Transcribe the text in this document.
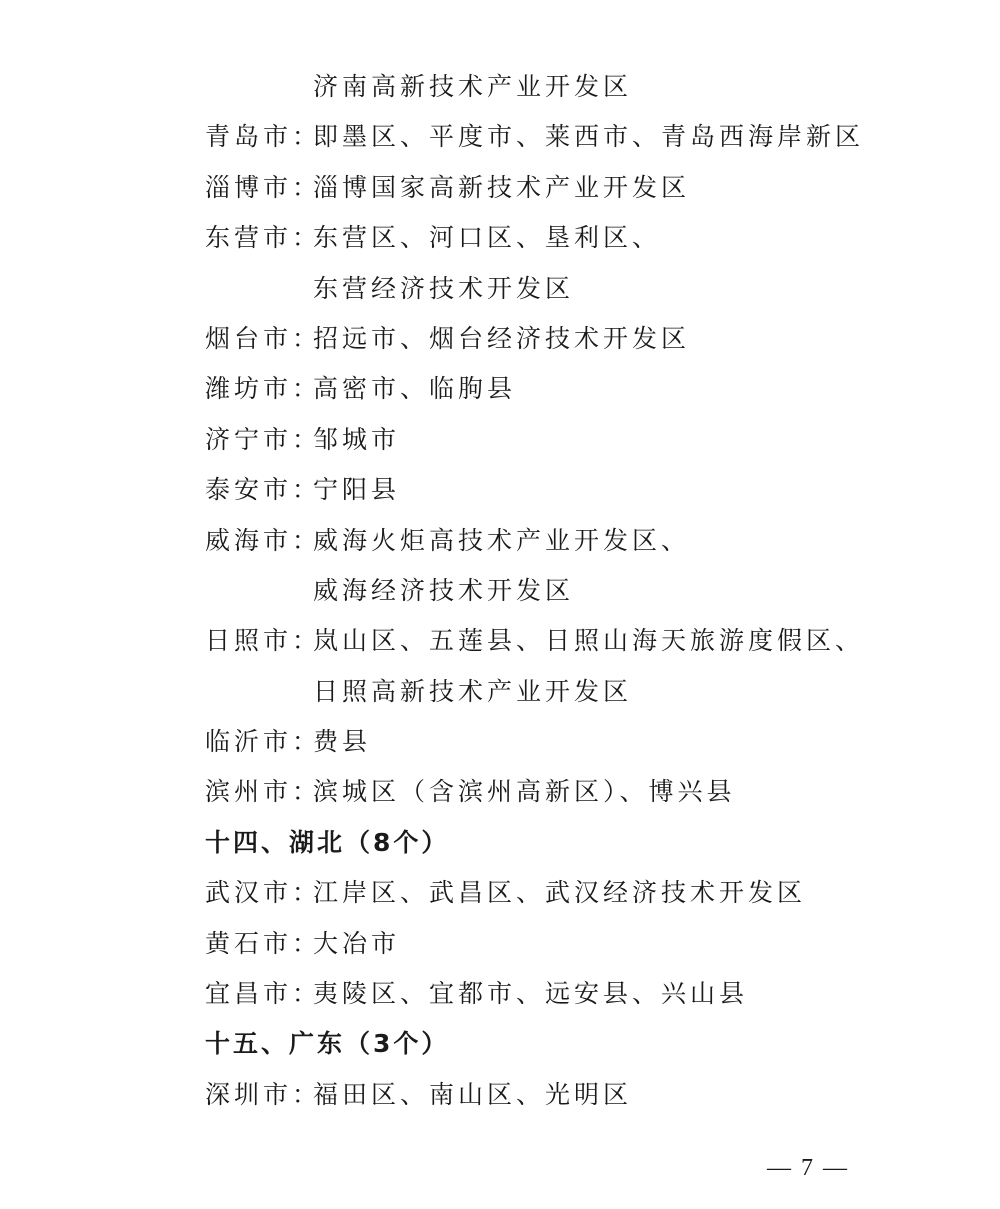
济南高新技术产业开发区
青岛市：即墨区、平度市、莱西市、青岛西海岸新区
淄博市：淄博国家高新技术产业开发区
东营市：东营区、河口区、垦利区、
东营经济技术开发区
烟台市：招远市、烟台经济技术开发区
潍坊市：高密市、临朐县
济宁市：邹城市
泰安市：宁阳县
威海市：威海火炬高技术产业开发区、
威海经济技术开发区
日照市：岚山区、五莲县、日照山海天旅游度假区、
日照高新技术产业开发区
临沂市：费县
滨州市：滨城区（含滨州高新区）、博兴县
十四、湖北（8个）
武汉市：江岸区、武昌区、武汉经济技术开发区
黄石市：大冶市
宜昌市：夷陵区、宜都市、远安县、兴山县
十五、广东（3个）
深圳市：福田区、南山区、光明区
— 7 —
